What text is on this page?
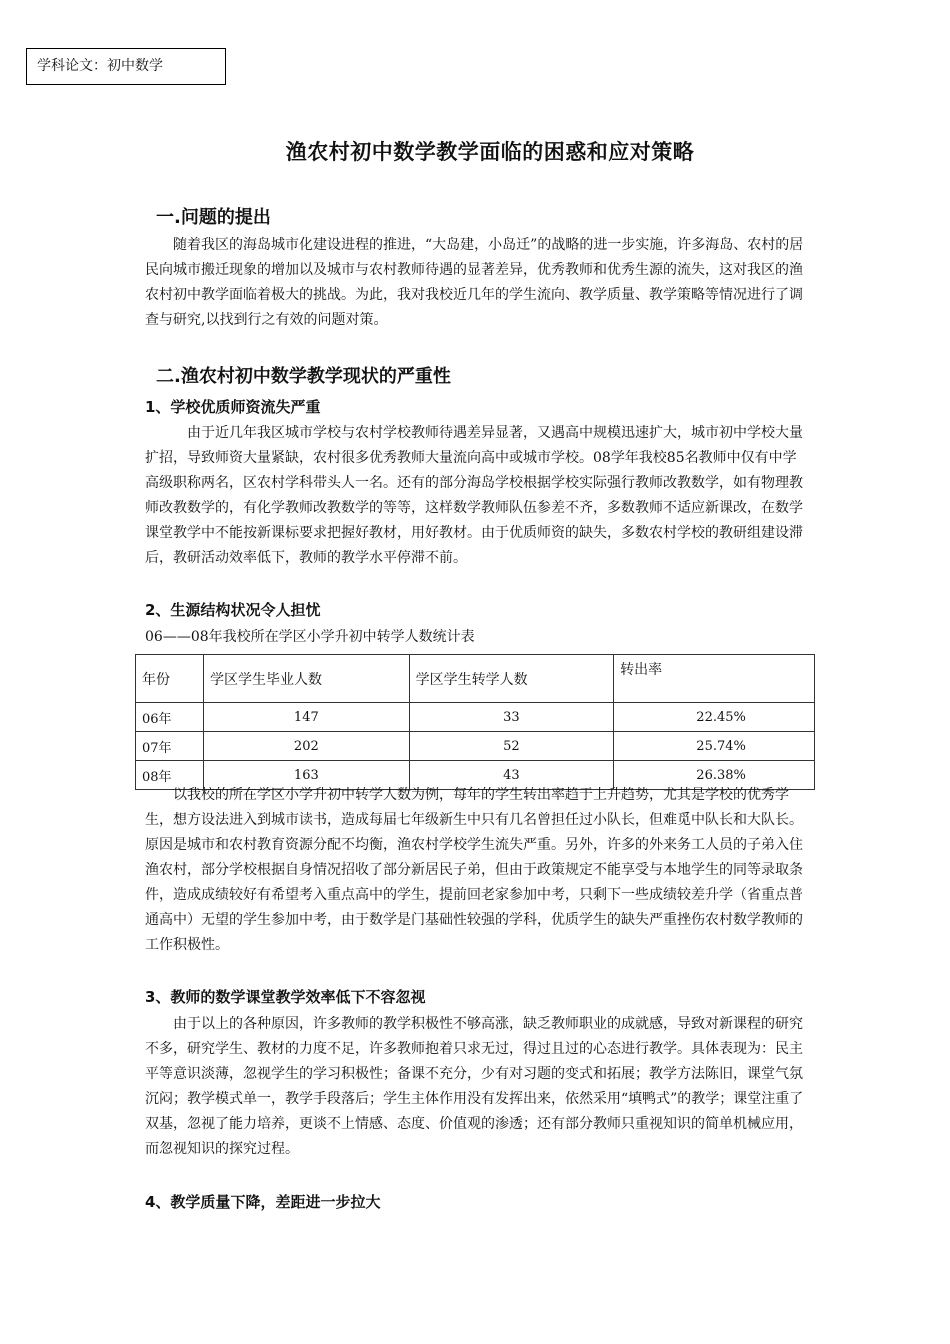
学科论文：初中数学
渔农村初中数学教学面临的困惑和应对策略
一.问题的提出

随着我区的海岛城市化建设进程的推进，“大岛建，小岛迁”的战略的进一步实施，许多海岛、农村的居民向城市搬迁现象的增加以及城市与农村教师待遇的显著差异，优秀教师和优秀生源的流失，这对我区的渔农村初中教学面临着极大的挑战。为此，我对我校近几年的学生流向、教学质量、教学策略等情况进行了调查与研究,以找到行之有效的问题对策。

二.渔农村初中数学教学现状的严重性
1、学校优质师资流失严重

由于近几年我区城市学校与农村学校教师待遇差异显著，又遇高中规模迅速扩大，城市初中学校大量扩招，导致师资大量紧缺，农村很多优秀教师大量流向高中或城市学校。08学年我校85名教师中仅有中学高级职称两名，区农村学科带头人一名。还有的部分海岛学校根据学校实际强行教师改教数学，如有物理教师改教数学的，有化学教师改教数学的等等，这样数学教师队伍参差不齐，多数教师不适应新课改，在数学课堂教学中不能按新课标要求把握好教材，用好教材。由于优质师资的缺失，多数农村学校的教研组建设滞后，教研活动效率低下，教师的教学水平停滞不前。

2、生源结构状况令人担忧
06——08年我校所在学区小学升初中转学人数统计表
年份	学区学生毕业人数	学区学生转学人数	转出率
06年	147	33	22.45%
07年	202	52	25.74%
08年	163	43	26.38%

以我校的所在学区小学升初中转学人数为例，每年的学生转出率趋于上升趋势，尤其是学校的优秀学生，想方设法进入到城市读书，造成每届七年级新生中只有几名曾担任过小队长，但难觅中队长和大队长。原因是城市和农村教育资源分配不均衡，渔农村学校学生流失严重。另外，许多的外来务工人员的子弟入住渔农村，部分学校根据自身情况招收了部分新居民子弟，但由于政策规定不能享受与本地学生的同等录取条件，造成成绩较好有希望考入重点高中的学生，提前回老家参加中考，只剩下一些成绩较差升学（省重点普通高中）无望的学生参加中考，由于数学是门基础性较强的学科，优质学生的缺失严重挫伤农村数学教师的工作积极性。

3、教师的数学课堂教学效率低下不容忽视

由于以上的各种原因，许多教师的教学积极性不够高涨，缺乏教师职业的成就感，导致对新课程的研究不多，研究学生、教材的力度不足，许多教师抱着只求无过，得过且过的心态进行教学。具体表现为：民主平等意识淡薄，忽视学生的学习积极性；备课不充分，少有对习题的变式和拓展；教学方法陈旧，课堂气氛沉闷；教学模式单一，教学手段落后；学生主体作用没有发挥出来，依然采用“填鸭式”的教学；课堂注重了双基，忽视了能力培养，更谈不上情感、态度、价值观的渗透；还有部分教师只重视知识的简单机械应用，而忽视知识的探究过程。

4、教学质量下降，差距进一步拉大
